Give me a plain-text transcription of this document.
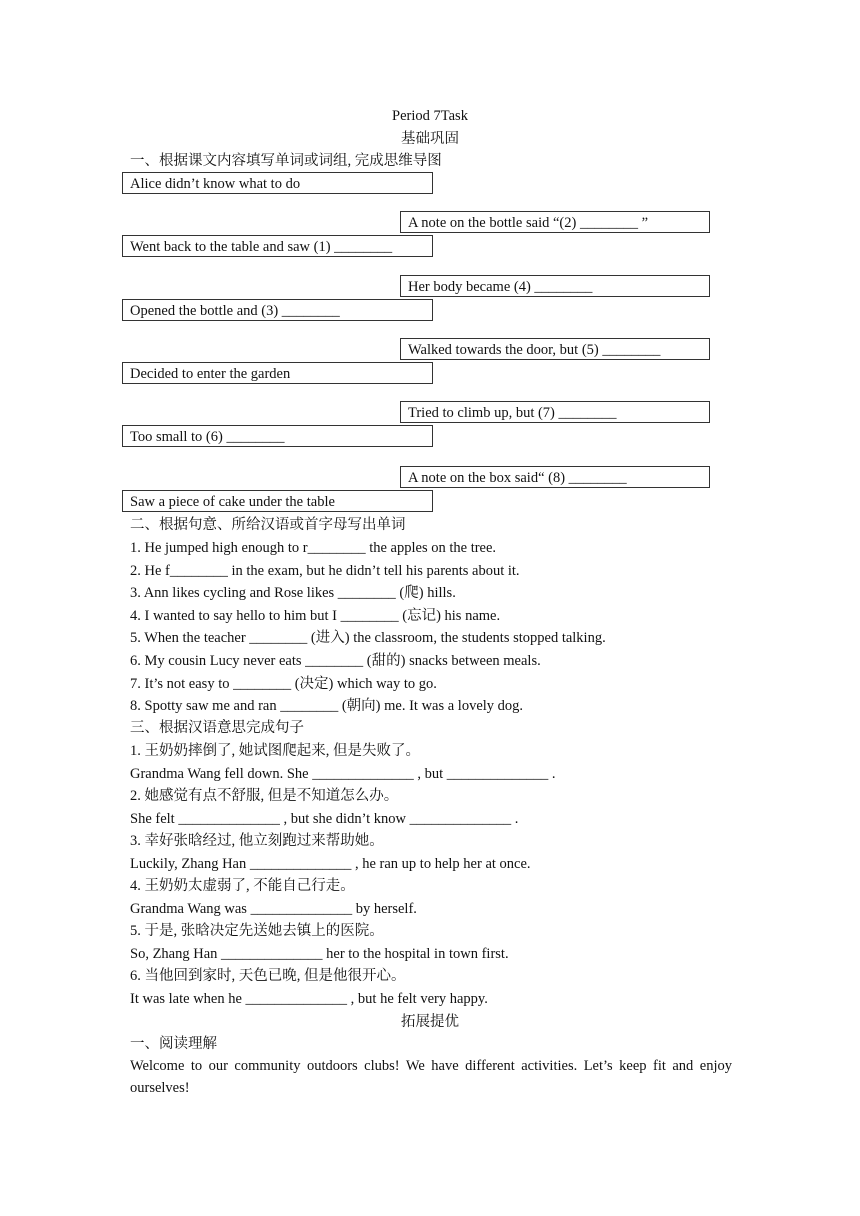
Period 7Task
基础巩固
一、根据课文内容填写单词或词组, 完成思维导图
Alice didn’t know what to do
A note on the bottle said “(2) ________ ”
Went back to the table and saw (1) ________
Her body became (4) ________
Opened the bottle and (3) ________
Walked towards the door, but (5) ________
Decided to enter the garden
Tried to climb up, but (7) ________
Too small to (6) ________
A note on the box said“ (8) ________
Saw a piece of cake under the table
二、根据句意、所给汉语或首字母写出单词
1. He jumped high enough to r________ the apples on the tree.
2. He f________ in the exam, but he didn’t tell his parents about it.
3. Ann likes cycling and Rose likes ________ (爬) hills.
4. I wanted to say hello to him but I ________ (忘记) his name.
5. When the teacher ________ (进入) the classroom, the students stopped talking.
6. My cousin Lucy never eats ________ (甜的) snacks between meals.
7. It’s not easy to ________ (决定) which way to go.
8. Spotty saw me and ran ________ (朝向) me. It was a lovely dog.
三、根据汉语意思完成句子
1. 王奶奶摔倒了, 她试图爬起来, 但是失败了。
Grandma Wang fell down. She ______________ , but ______________ .
2. 她感觉有点不舒服, 但是不知道怎么办。
She felt ______________ , but she didn’t know ______________ .
3. 幸好张晗经过, 他立刻跑过来帮助她。
Luckily, Zhang Han ______________ , he ran up to help her at once.
4. 王奶奶太虚弱了, 不能自己行走。
Grandma Wang was ______________ by herself.
5. 于是, 张晗决定先送她去镇上的医院。
So, Zhang Han ______________ her to the hospital in town first.
6. 当他回到家时, 天色已晚, 但是他很开心。
It was late when he ______________ , but he felt very happy.
拓展提优
一、阅读理解
Welcome to our community outdoors clubs! We have different activities. Let’s keep fit and enjoy ourselves!
